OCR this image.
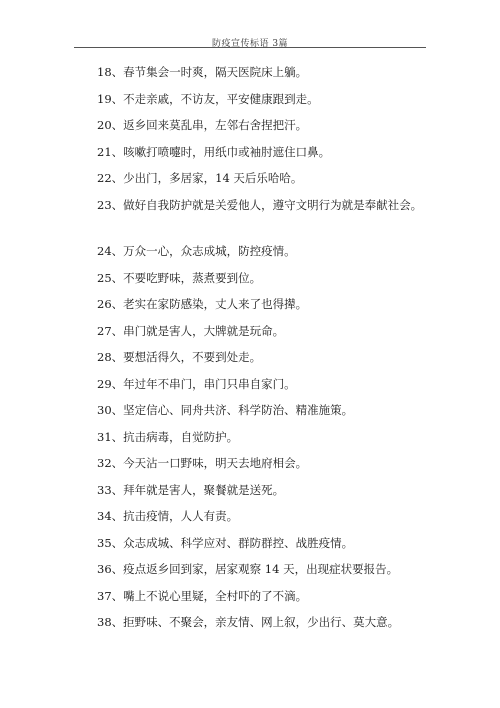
防疫宣传标语 3篇
18、春节集会一时爽，隔天医院床上躺。
19、不走亲戚，不访友，平安健康跟到走。
20、返乡回来莫乱串，左邻右舍捏把汗。
21、咳嗽打喷嚏时，用纸巾或袖肘遮住口鼻。
22、少出门，多居家，14 天后乐哈哈。
23、做好自我防护就是关爱他人，遵守文明行为就是奉献社会。
24、万众一心，众志成城，防控疫情。
25、不要吃野味，蒸煮要到位。
26、老实在家防感染，丈人来了也得撵。
27、串门就是害人，大牌就是玩命。
28、要想活得久，不要到处走。
29、年过年不串门，串门只串自家门。
30、坚定信心、同舟共济、科学防治、精准施策。
31、抗击病毒，自觉防护。
32、今天沾一口野味，明天去地府相会。
33、拜年就是害人，聚餐就是送死。
34、抗击疫情，人人有责。
35、众志成城、科学应对、群防群控、战胜疫情。
36、疫点返乡回到家，居家观察 14 天，出现症状要报告。
37、嘴上不说心里疑，全村吓的了不滴。
38、拒野味、不聚会，亲友情、网上叙，少出行、莫大意。
